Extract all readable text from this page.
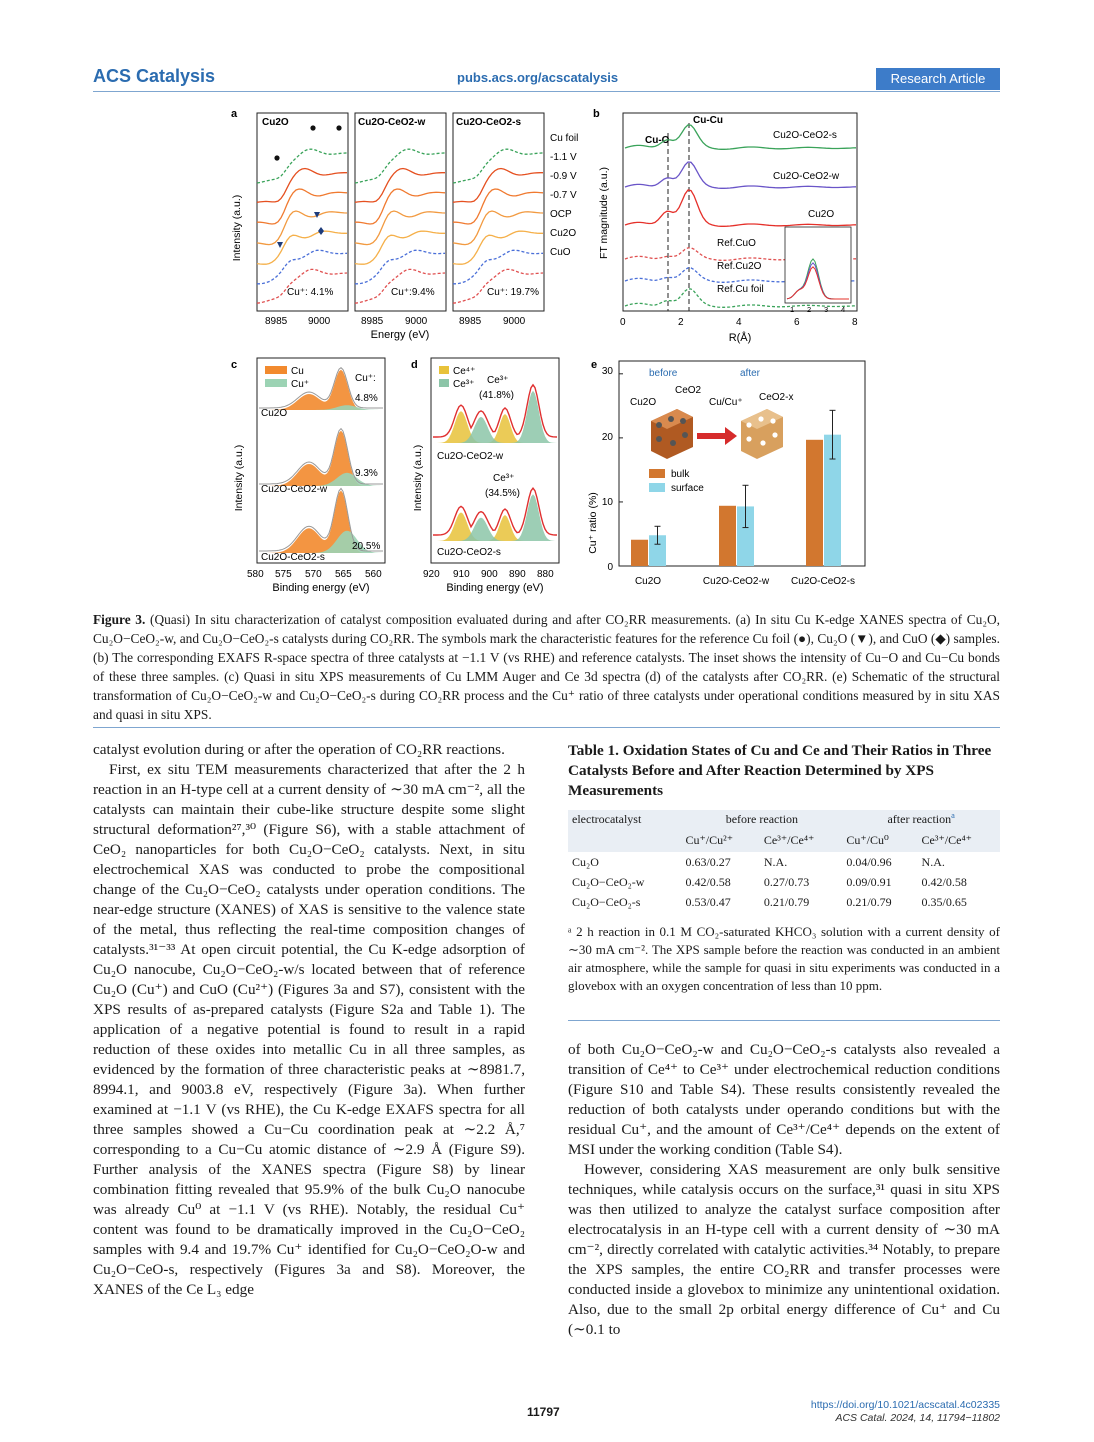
ACS Catalysis	pubs.acs.org/acscatalysis	Research Article
a
Intensity (a.u.)
Cu2O
Cu⁺: 4.1%
8985 9000
Cu2O-CeO2-w
Cu⁺:9.4%
8985 9000
Cu2O-CeO2-s
Cu⁺: 19.7%
8985 9000
Energy (eV)
Cu foil
-1.1 V
-0.9 V
-0.7 V
OCP
Cu2O
CuO
b
FT magnitude (a.u.)
Cu-O
Cu-Cu
Cu2O-CeO2-s
Cu2O-CeO2-w
Cu2O
Ref.CuO
Ref.Cu2O
Ref.Cu foil
1 2 3 4
0	2	4	6	8
R(Å)
c
Intensity (a.u.)
Cu
Cu⁺
Cu⁺:
4.8%
9.3%
20.5%
Cu2O
Cu2O-CeO2-w
Cu2O-CeO2-s
580 575 570 565 560
Binding energy (eV)
d
Intensity (a.u.)
Ce⁴⁺
Ce³⁺ Ce³⁺
(41.8%)
Ce³⁺
(34.5%)
Cu2O-CeO2-w
Cu2O-CeO2-s
920 910 900 890 880
Binding energy (eV)
e
Cu⁺ ratio (%)
0
10
20
30
Cu2O	Cu2O-CeO2-w Cu2O-CeO2-s
before	after
CeO2
Cu2O	Cu/Cu⁺ CeO2-x
bulk
surface
Figure 3. (Quasi) In situ characterization of catalyst composition evaluated during and after CO₂RR measurements. (a) In situ Cu K-edge XANES spectra of Cu₂O, Cu₂O−CeO₂-w, and Cu₂O−CeO₂-s catalysts during CO₂RR. The symbols mark the characteristic features for the reference Cu foil (●), Cu₂O (▼), and CuO (◆) samples. (b) The corresponding EXAFS R-space spectra of three catalysts at −1.1 V (vs RHE) and reference catalysts. The inset shows the intensity of Cu−O and Cu−Cu bonds of these three samples. (c) Quasi in situ XPS measurements of Cu LMM Auger and Ce 3d spectra (d) of the catalysts after CO₂RR. (e) Schematic of the structural transformation of Cu₂O−CeO₂-w and Cu₂O−CeO₂-s during CO₂RR process and the Cu⁺ ratio of three catalysts under operational conditions measured by in situ XAS and quasi in situ XPS.

catalyst evolution during or after the operation of CO₂RR reactions.

First, ex situ TEM measurements characterized that after the 2 h reaction in an H-type cell at a current density of ∼30 mA cm⁻², all the catalysts can maintain their cube-like structure despite some slight structural deformation²⁷,³⁰ (Figure S6), with a stable attachment of CeO₂ nanoparticles for both Cu₂O−CeO₂ catalysts. Next, in situ electrochemical XAS was conducted to probe the compositional change of the Cu₂O−CeO₂ catalysts under operation conditions. The near-edge structure (XANES) of XAS is sensitive to the valence state of the metal, thus reflecting the real-time composition changes of catalysts.³¹⁻³³ At open circuit potential, the Cu K-edge adsorption of Cu₂O nanocube, Cu₂O−CeO₂-w/s located between that of reference Cu₂O (Cu⁺) and CuO (Cu²⁺) (Figures 3a and S7), consistent with the XPS results of as-prepared catalysts (Figure S2a and Table 1). The application of a negative potential is found to result in a rapid reduction of these oxides into metallic Cu in all three samples, as evidenced by the formation of three characteristic peaks at ∼8981.7, 8994.1, and 9003.8 eV, respectively (Figure 3a). When further examined at −1.1 V (vs RHE), the Cu K-edge EXAFS spectra for all three samples showed a Cu−Cu coordination peak at ∼2.2 Å,⁷ corresponding to a Cu−Cu atomic distance of ∼2.9 Å (Figure S9). Further analysis of the XANES spectra (Figure S8) by linear combination fitting revealed that 95.9% of the bulk Cu₂O nanocube was already Cu⁰ at −1.1 V (vs RHE). Notably, the residual Cu⁺ content was found to be dramatically improved in the Cu₂O−CeO₂ samples with 9.4 and 19.7% Cu⁺ identified for Cu₂O−CeO₂O-w and Cu₂O−CeO-s, respectively (Figures 3a and S8). Moreover, the XANES of the Ce L₃ edge

Table 1. Oxidation States of Cu and Ce and Their Ratios in Three Catalysts Before and After Reaction Determined by XPS Measurements
electrocatalyst	before reaction		after reaction$^a$
	Cu⁺/Cu²⁺	Ce³⁺/Ce⁴⁺	Cu⁺/Cu⁰	Ce³⁺/Ce⁴⁺
Cu₂O	0.63/0.27	N.A.	0.04/0.96	N.A.
Cu₂O−CeO₂-w	0.42/0.58	0.27/0.73	0.09/0.91	0.42/0.58
Cu₂O−CeO₂-s	0.53/0.47	0.21/0.79	0.21/0.79	0.35/0.65
ᵃ 2 h reaction in 0.1 M CO₂-saturated KHCO₃ solution with a current density of ∼30 mA cm⁻². The XPS sample before the reaction was conducted in an ambient air atmosphere, while the sample for quasi in situ experiments was conducted in a glovebox with an oxygen concentration of less than 10 ppm.

of both Cu₂O−CeO₂-w and Cu₂O−CeO₂-s catalysts also revealed a transition of Ce⁴⁺ to Ce³⁺ under electrochemical reduction conditions (Figure S10 and Table S4). These results consistently revealed the reduction of both catalysts under operando conditions but with the residual Cu⁺, and the amount of Ce³⁺/Ce⁴⁺ depends on the extent of MSI under the working condition (Table S4).

However, considering XAS measurement are only bulk sensitive techniques, while catalysis occurs on the surface,³¹ quasi in situ XPS was then utilized to analyze the catalyst surface composition after electrocatalysis in an H-type cell with a current density of ∼30 mA cm⁻², directly correlated with catalytic activities.³⁴ Notably, to prepare the XPS samples, the entire CO₂RR and transfer processes were conducted inside a glovebox to minimize any unintentional oxidation. Also, due to the small 2p orbital energy difference of Cu⁺ and Cu (∼0.1 to

11797	https://doi.org/10.1021/acscatal.4c02335
ACS Catal. 2024, 14, 11794−11802
